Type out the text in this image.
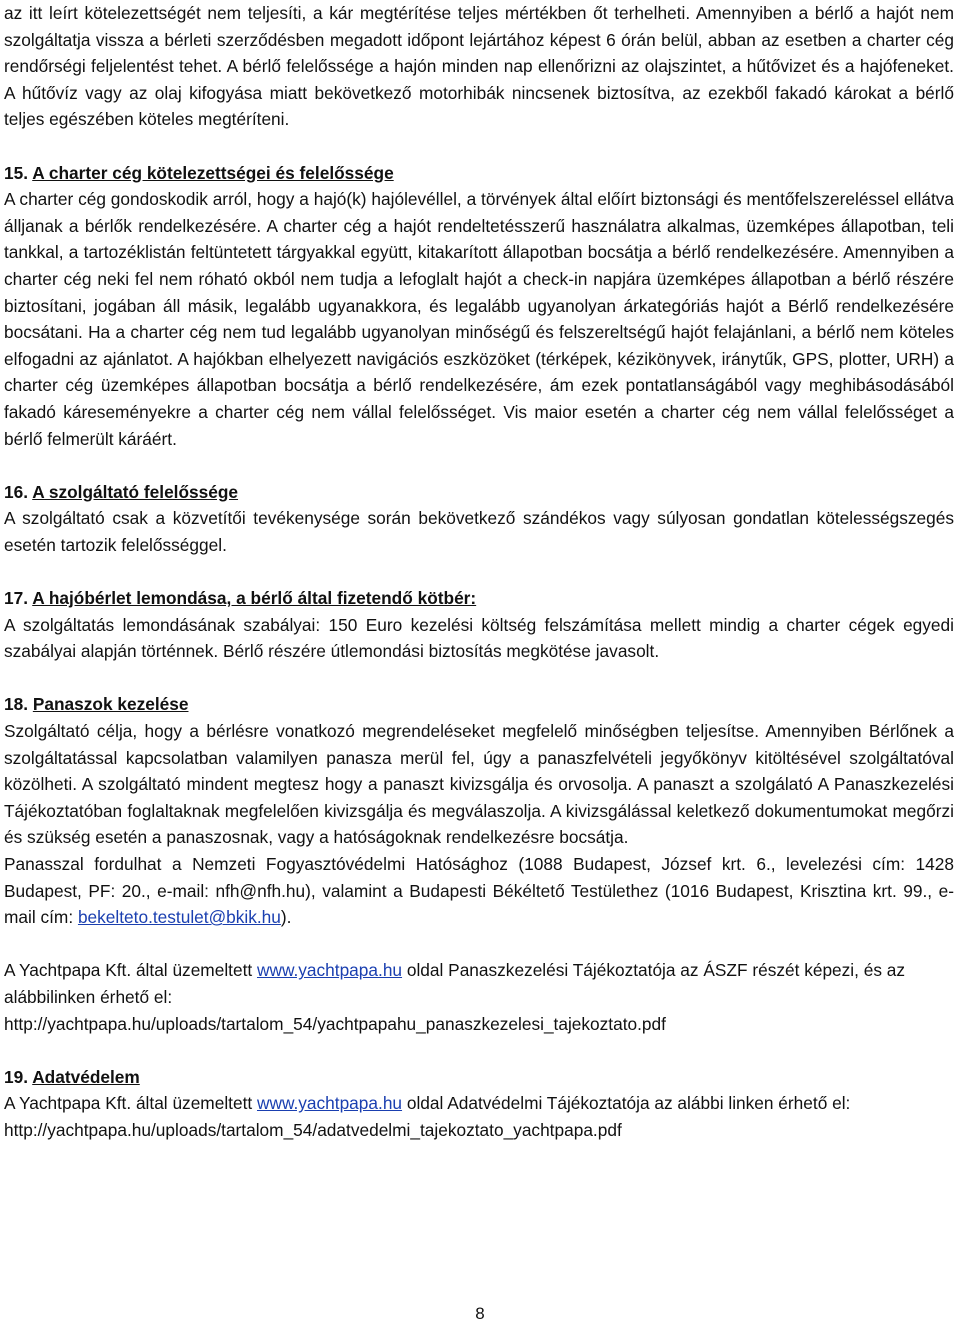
az itt leírt kötelezettségét nem teljesíti, a kár megtérítése teljes mértékben őt terhelheti. Amennyiben a bérlő a hajót nem szolgáltatja vissza a bérleti szerződésben megadott időpont lejártához képest 6 órán belül, abban az esetben a charter cég rendőrségi feljelentést tehet. A bérlő felelőssége a hajón minden nap ellenőrizni az olajszintet, a hűtővizet és a hajófeneket. A hűtővíz vagy az olaj kifogyása miatt bekövetkező motorhibák nincsenek biztosítva, az ezekből fakadó károkat a bérlő teljes egészében köteles megtéríteni.

15. A charter cég kötelezettségei és felelőssége

A charter cég gondoskodik arról, hogy a hajó(k) hajólevéllel, a törvények által előírt biztonsági és mentőfelszereléssel ellátva álljanak a bérlők rendelkezésére. A charter cég a hajót rendeltetésszerű használatra alkalmas, üzemképes állapotban, teli tankkal, a tartozéklistán feltüntetett tárgyakkal együtt, kitakarított állapotban bocsátja a bérlő rendelkezésére. Amennyiben a charter cég neki fel nem róható okból nem tudja a lefoglalt hajót a check-in napjára üzemképes állapotban a bérlő részére biztosítani, jogában áll másik, legalább ugyanakkora, és legalább ugyanolyan árkategóriás hajót a Bérlő rendelkezésére bocsátani. Ha a charter cég nem tud legalább ugyanolyan minőségű és felszereltségű hajót felajánlani, a bérlő nem köteles elfogadni az ajánlatot. A hajókban elhelyezett navigációs eszközöket (térképek, kézikönyvek, iránytűk, GPS, plotter, URH) a charter cég üzemképes állapotban bocsátja a bérlő rendelkezésére, ám ezek pontatlanságából vagy meghibásodásából fakadó káreseményekre a charter cég nem vállal felelősséget. Vis maior esetén a charter cég nem vállal felelősséget a bérlő felmerült káráért.

16. A szolgáltató felelőssége

A szolgáltató csak a közvetítői tevékenysége során bekövetkező szándékos vagy súlyosan gondatlan kötelességszegés esetén tartozik felelősséggel.

17. A hajóbérlet lemondása, a bérlő által fizetendő kötbér:

A szolgáltatás lemondásának szabályai: 150 Euro kezelési költség felszámítása mellett mindig a charter cégek egyedi szabályai alapján történnek. Bérlő részére útlemondási biztosítás megkötése javasolt.

18. Panaszok kezelése

Szolgáltató célja, hogy a bérlésre vonatkozó megrendeléseket megfelelő minőségben teljesítse. Amennyiben Bérlőnek a szolgáltatással kapcsolatban valamilyen panasza merül fel, úgy a panaszfelvételi jegyőkönyv kitöltésével szolgáltatóval közölheti. A szolgáltató mindent megtesz hogy a panaszt kivizsgálja és orvosolja. A panaszt a szolgálató A Panaszkezelési Tájékoztatóban foglaltaknak megfelelően kivizsgálja és megválaszolja. A kivizsgálással keletkező dokumentumokat megőrzi és szükség esetén a panaszosnak, vagy a hatóságoknak rendelkezésre bocsátja.

Panasszal fordulhat a Nemzeti Fogyasztóvédelmi Hatósághoz (1088 Budapest, József krt. 6., levelezési cím: 1428 Budapest, PF: 20., e-mail: nfh@nfh.hu), valamint a Budapesti Békéltető Testülethez (1016 Budapest, Krisztina krt. 99., e-mail cím: bekelteto.testulet@bkik.hu).

A Yachtpapa Kft. által üzemeltett www.yachtpapa.hu oldal Panaszkezelési Tájékoztatója az ÁSZF részét képezi, és az alábbilinken érhető el:

http://yachtpapa.hu/uploads/tartalom_54/yachtpapahu_panaszkezelesi_tajekoztato.pdf

19. Adatvédelem

A Yachtpapa Kft. által üzemeltett www.yachtpapa.hu oldal Adatvédelmi Tájékoztatója az alábbi linken érhető el:

http://yachtpapa.hu/uploads/tartalom_54/adatvedelmi_tajekoztato_yachtpapa.pdf

8
